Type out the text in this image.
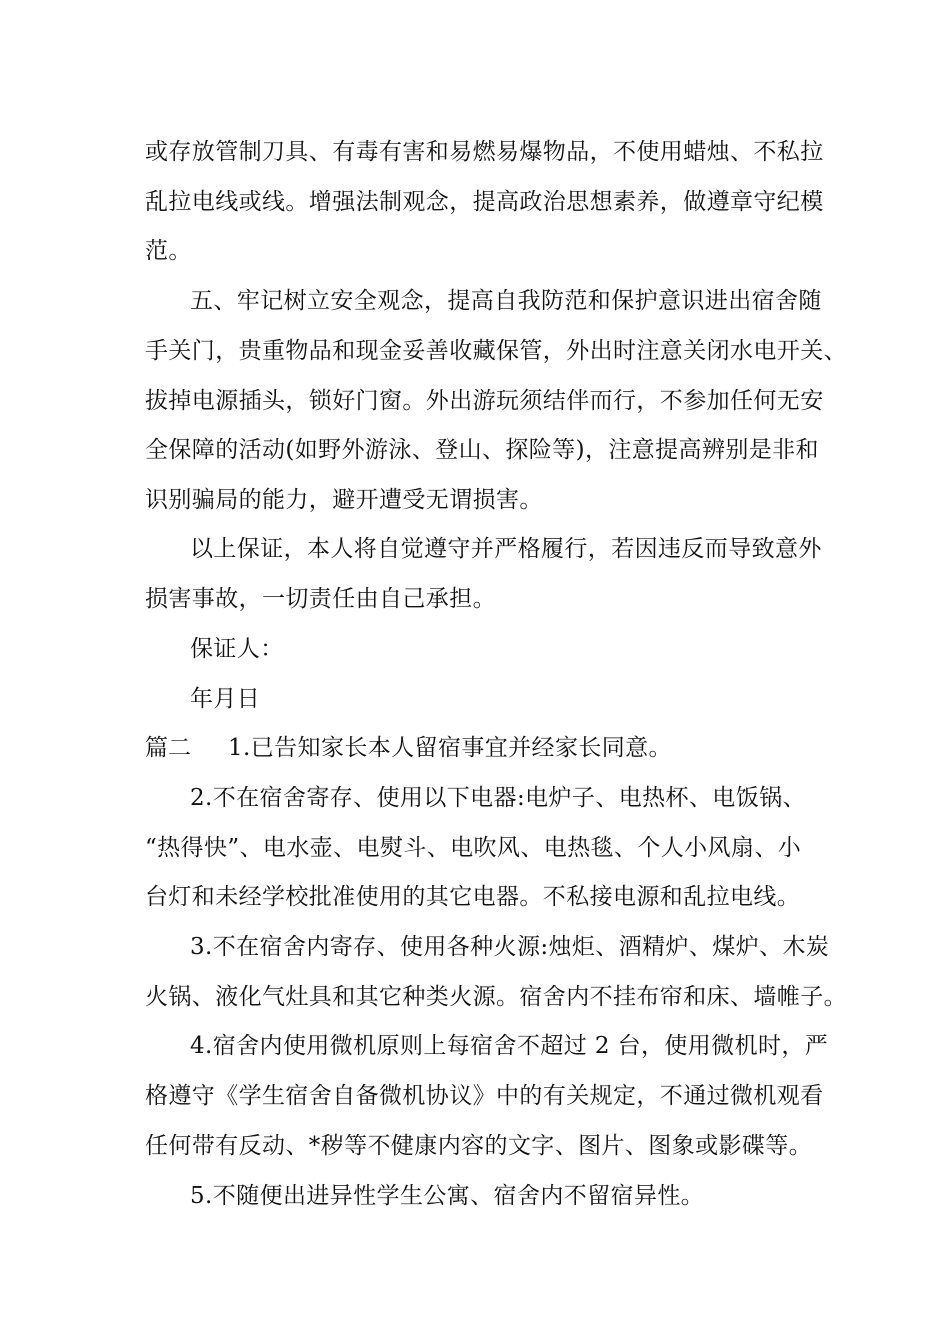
或存放管制刀具、有毒有害和易燃易爆物品，不使用蜡烛、不私拉
乱拉电线或线。增强法制观念，提高政治思想素养，做遵章守纪模
范。
五、牢记树立安全观念，提高自我防范和保护意识进出宿舍随
手关门，贵重物品和现金妥善收藏保管，外出时注意关闭水电开关、
拔掉电源插头，锁好门窗。外出游玩须结伴而行，不参加任何无安
全保障的活动(如野外游泳、登山、探险等)，注意提高辨别是非和
识别骗局的能力，避开遭受无谓损害。
以上保证，本人将自觉遵守并严格履行，若因违反而导致意外
损害事故，一切责任由自己承担。
保证人：
年月日
篇二 1.已告知家长本人留宿事宜并经家长同意。
2.不在宿舍寄存、使用以下电器:电炉子、电热杯、电饭锅、
“热得快”、电水壶、电熨斗、电吹风、电热毯、个人小风扇、小
台灯和未经学校批准使用的其它电器。不私接电源和乱拉电线。
3.不在宿舍内寄存、使用各种火源:烛炬、酒精炉、煤炉、木炭
火锅、液化气灶具和其它种类火源。宿舍内不挂布帘和床、墙帷子。
4.宿舍内使用微机原则上每宿舍不超过 2 台，使用微机时，严
格遵守《学生宿舍自备微机协议》中的有关规定，不通过微机观看
任何带有反动、*秽等不健康内容的文字、图片、图象或影碟等。
5.不随便出进异性学生公寓、宿舍内不留宿异性。
